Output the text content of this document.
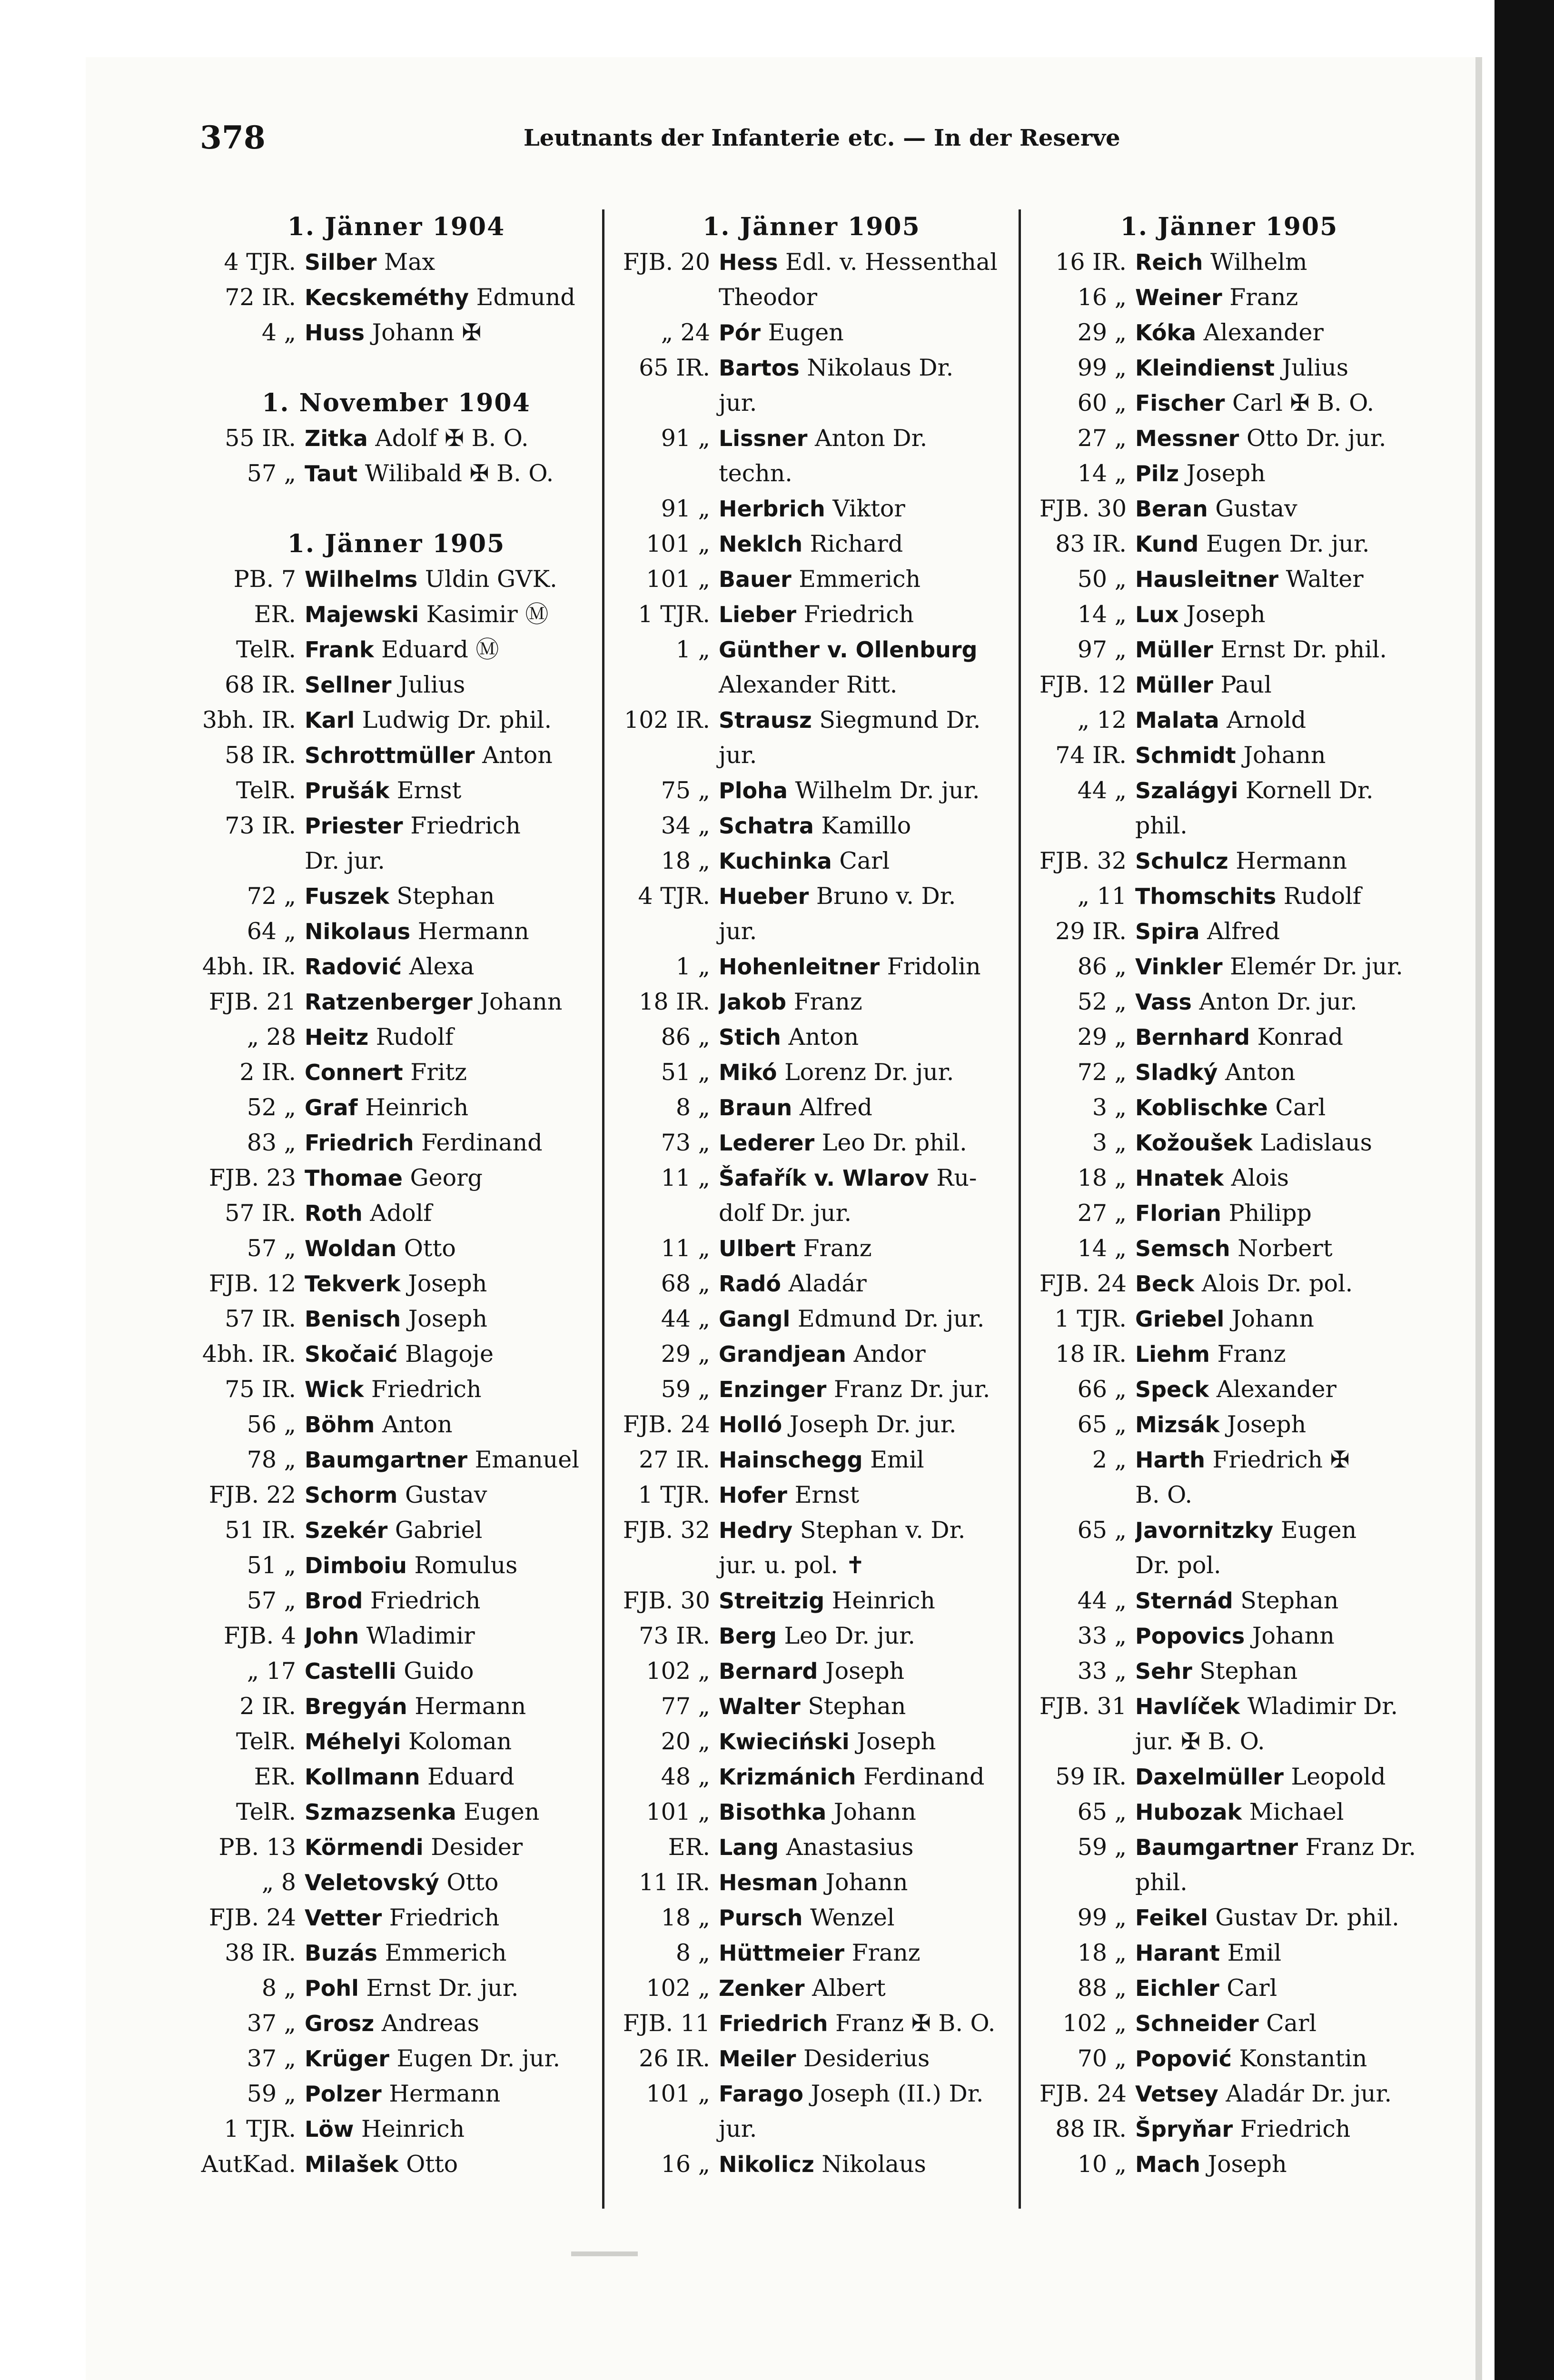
378	Leutnants der Infanterie etc. — In der Reserve
1. Jänner 1904
4 TJR. Silber Max
72 IR. Kecskeméthy Edmund
4 „ Huss Johann ✠
1. November 1904
55 IR. Zitka Adolf ✠ B. O.
57 „ Taut Wilibald ✠ B. O.
1. Jänner 1905
PB. 7 Wilhelms Uldin GVK.
ER. Majewski Kasimir Ⓜ
TelR. Frank Eduard Ⓜ
68 IR. Sellner Julius
3bh. IR. Karl Ludwig Dr. phil.
58 IR. Schrottmüller Anton
TelR. Prušák Ernst
73 IR. Priester Friedrich
Dr. jur.
72 „ Fuszek Stephan
64 „ Nikolaus Hermann
4bh. IR. Radović Alexa
FJB. 21 Ratzenberger Johann
„ 28 Heitz Rudolf
2 IR. Connert Fritz
52 „ Graf Heinrich
83 „ Friedrich Ferdinand
FJB. 23 Thomae Georg
57 IR. Roth Adolf
57 „ Woldan Otto
FJB. 12 Tekverk Joseph
57 IR. Benisch Joseph
4bh. IR. Skočaić Blagoje
75 IR. Wick Friedrich
56 „ Böhm Anton
78 „ Baumgartner Emanuel
FJB. 22 Schorm Gustav
51 IR. Szekér Gabriel
51 „ Dimboiu Romulus
57 „ Brod Friedrich
FJB. 4 John Wladimir
„ 17 Castelli Guido
2 IR. Bregyán Hermann
TelR. Méhelyi Koloman
ER. Kollmann Eduard
TelR. Szmazsenka Eugen
PB. 13 Körmendi Desider
„ 8 Veletovský Otto
FJB. 24 Vetter Friedrich
38 IR. Buzás Emmerich
8 „ Pohl Ernst Dr. jur.
37 „ Grosz Andreas
37 „ Krüger Eugen Dr. jur.
59 „ Polzer Hermann
1 TJR. Löw Heinrich
AutKad. Milašek Otto
1. Jänner 1905
FJB. 20 Hess Edl. v. Hessenthal
Theodor
„ 24 Pór Eugen
65 IR. Bartos Nikolaus Dr.
jur.
91 „ Lissner Anton Dr.
techn.
91 „ Herbrich Viktor
101 „ Neklch Richard
101 „ Bauer Emmerich
1 TJR. Lieber Friedrich
1 „ Günther v. Ollenburg
Alexander Ritt.
102 IR. Strausz Siegmund Dr.
jur.
75 „ Ploha Wilhelm Dr. jur.
34 „ Schatra Kamillo
18 „ Kuchinka Carl
4 TJR. Hueber Bruno v. Dr.
jur.
1 „ Hohenleitner Fridolin
18 IR. Jakob Franz
86 „ Stich Anton
51 „ Mikó Lorenz Dr. jur.
8 „ Braun Alfred
73 „ Lederer Leo Dr. phil.
11 „ Šafařík v. Wlarov Ru-
dolf Dr. jur.
11 „ Ulbert Franz
68 „ Radó Aladár
44 „ Gangl Edmund Dr. jur.
29 „ Grandjean Andor
59 „ Enzinger Franz Dr. jur.
FJB. 24 Holló Joseph Dr. jur.
27 IR. Hainschegg Emil
1 TJR. Hofer Ernst
FJB. 32 Hedry Stephan v. Dr.
jur. u. pol. ✝
FJB. 30 Streitzig Heinrich
73 IR. Berg Leo Dr. jur.
102 „ Bernard Joseph
77 „ Walter Stephan
20 „ Kwieciński Joseph
48 „ Krizmánich Ferdinand
101 „ Bisothka Johann
ER. Lang Anastasius
11 IR. Hesman Johann
18 „ Pursch Wenzel
8 „ Hüttmeier Franz
102 „ Zenker Albert
FJB. 11 Friedrich Franz ✠ B. O.
26 IR. Meiler Desiderius
101 „ Farago Joseph (II.) Dr.
jur.
16 „ Nikolicz Nikolaus
1. Jänner 1905
16 IR. Reich Wilhelm
16 „ Weiner Franz
29 „ Kóka Alexander
99 „ Kleindienst Julius
60 „ Fischer Carl ✠ B. O.
27 „ Messner Otto Dr. jur.
14 „ Pilz Joseph
FJB. 30 Beran Gustav
83 IR. Kund Eugen Dr. jur.
50 „ Hausleitner Walter
14 „ Lux Joseph
97 „ Müller Ernst Dr. phil.
FJB. 12 Müller Paul
„ 12 Malata Arnold
74 IR. Schmidt Johann
44 „ Szalágyi Kornell Dr.
phil.
FJB. 32 Schulcz Hermann
„ 11 Thomschits Rudolf
29 IR. Spira Alfred
86 „ Vinkler Elemér Dr. jur.
52 „ Vass Anton Dr. jur.
29 „ Bernhard Konrad
72 „ Sladký Anton
3 „ Koblischke Carl
3 „ Kožoušek Ladislaus
18 „ Hnatek Alois
27 „ Florian Philipp
14 „ Semsch Norbert
FJB. 24 Beck Alois Dr. pol.
1 TJR. Griebel Johann
18 IR. Liehm Franz
66 „ Speck Alexander
65 „ Mizsák Joseph
2 „ Harth Friedrich ✠
B. O.
65 „ Javornitzky Eugen
Dr. pol.
44 „ Sternád Stephan
33 „ Popovics Johann
33 „ Sehr Stephan
FJB. 31 Havlíček Wladimir Dr.
jur. ✠ B. O.
59 IR. Daxelmüller Leopold
65 „ Hubozak Michael
59 „ Baumgartner Franz Dr.
phil.
99 „ Feikel Gustav Dr. phil.
18 „ Harant Emil
88 „ Eichler Carl
102 „ Schneider Carl
70 „ Popović Konstantin
FJB. 24 Vetsey Aladár Dr. jur.
88 IR. Špryňar Friedrich
10 „ Mach Joseph
